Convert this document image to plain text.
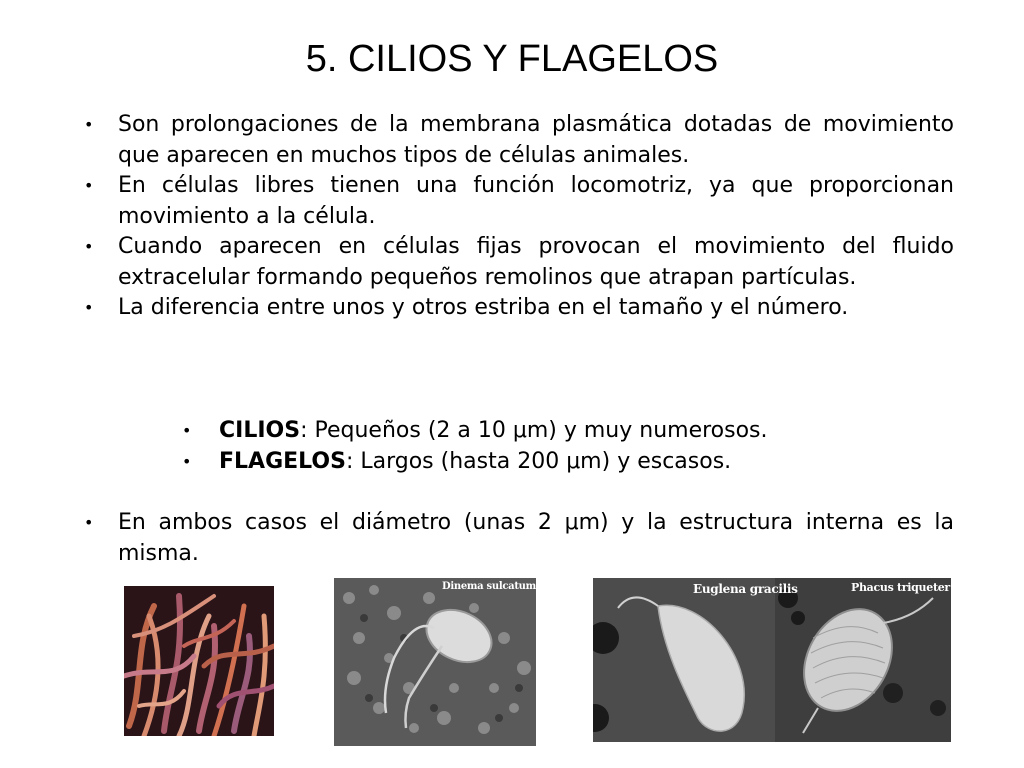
5. CILIOS Y FLAGELOS

• Son prolongaciones de la membrana plasmática dotadas de movimiento que aparecen en muchos tipos de células animales.

• En células libres tienen una función locomotriz, ya que proporcionan movimiento a la célula.

• Cuando aparecen en células fijas provocan el movimiento del fluido extracelular formando pequeños remolinos que atrapan partículas.

• La diferencia entre unos y otros estriba en el tamaño y el número.

• CILIOS: Pequeños (2 a 10 μm) y muy numerosos.
• FLAGELOS: Largos (hasta 200 μm) y escasos.

• En ambos casos el diámetro (unas 2 μm) y la estructura interna es la misma.

Dinema sulcatum	Euglena gracilis	Phacus triqueter
